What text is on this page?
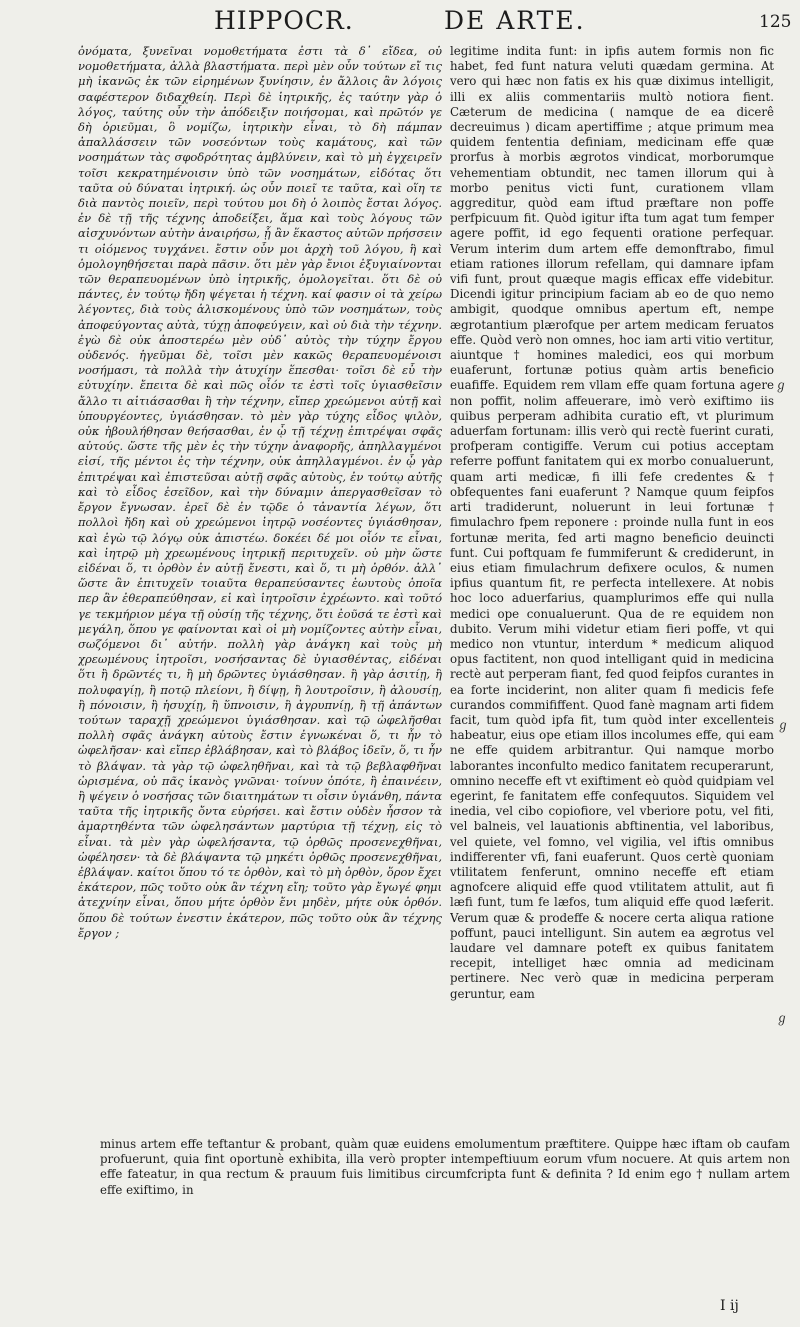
HIPPOCR.	DE ARTE.	125

ὀνόματα, ξυνεῖναι νομοθετήματα ἐστι τὰ δ᾽ εἴδεα, οὐ νομοθετήματα, ἀλλὰ βλαστήματα. περὶ μὲν οὖν τούτων εἴ τις μὴ ἱκανῶς ἐκ τῶν εἰρημένων ξυνίησιν, ἐν ἄλλοις ἂν λόγοις σαφέστερον διδαχθείη. Περὶ δὲ ἰητρικῆς, ἐς ταύτην γὰρ ὁ λόγος, ταύτης οὖν τὴν ἀπόδειξιν ποιήσομαι, καὶ πρῶτόν γε δὴ ὁριεῦμαι, ὃ νομίζω, ἰητρικὴν εἶναι, τὸ δὴ πάμπαν ἀπαλλάσσειν τῶν νοσεόντων τοὺς καμάτους, καὶ τῶν νοσημάτων τὰς σφοδρότητας ἀμβλύνειν, καὶ τὸ μὴ ἐγχειρεῖν τοῖσι κεκρατημένοισιν ὑπὸ τῶν νοσημάτων, εἰδότας ὅτι ταῦτα οὐ δύναται ἰητρική. ὡς οὖν ποιεῖ τε ταῦτα, καὶ οἵη τε διὰ παντὸς ποιεῖν, περὶ τούτου μοι δὴ ὁ λοιπὸς ἔσται λόγος. ἐν δὲ τῇ τῆς τέχνης ἀποδείξει, ἅμα καὶ τοὺς λόγους τῶν αἰσχυνόντων αὐτὴν ἀναιρήσω, ᾗ ἂν ἕκαστος αὐτῶν πρήσσειν τι οἰόμενος τυγχάνει. ἔστιν οὖν μοι ἀρχὴ τοῦ λόγου, ἣ καὶ ὁμολογηθήσεται παρὰ πᾶσιν. ὅτι μὲν γὰρ ἔνιοι ἐξυγιαίνονται τῶν θεραπευομένων ὑπὸ ἰητρικῆς, ὁμολογεῖται. ὅτι δὲ οὐ πάντες, ἐν τούτῳ ἤδη ψέγεται ἡ τέχνη. καί φασιν οἱ τὰ χείρω λέγοντες, διὰ τοὺς ἁλισκομένους ὑπὸ τῶν νοσημάτων, τοὺς ἀποφεύγοντας αὐτὰ, τύχῃ ἀποφεύγειν, καὶ οὐ διὰ τὴν τέχνην. ἐγὼ δὲ οὐκ ἀποστερέω μὲν οὐδ᾽ αὐτὸς τὴν τύχην ἔργου οὐδενός. ἡγεῦμαι δὲ, τοῖσι μὲν κακῶς θεραπευομένοισι νοσήμασι, τὰ πολλὰ τὴν ἀτυχίην ἕπεσθαι· τοῖσι δὲ εὖ τὴν εὐτυχίην. ἔπειτα δὲ καὶ πῶς οἷόν τε ἐστὶ τοῖς ὑγιασθεῖσιν ἄλλο τι αἰτιάσασθαι ἢ τὴν τέχνην, εἴπερ χρεώμενοι αὐτῇ καὶ ὑπουργέοντες, ὑγιάσθησαν. τὸ μὲν γὰρ τύχης εἶδος ψιλὸν, οὐκ ἠβουλήθησαν θεήσασθαι, ἐν ᾧ τῇ τέχνῃ ἐπιτρέψαι σφᾶς αὐτούς. ὥστε τῆς μὲν ἐς τὴν τύχην ἀναφορῆς, ἀπηλλαγμένοι εἰσί, τῆς μέντοι ἐς τὴν τέχνην, οὐκ ἀπηλλαγμένοι. ἐν ᾧ γὰρ ἐπιτρέψαι καὶ ἐπιστεῦσαι αὐτῇ σφᾶς αὐτοὺς, ἐν τούτῳ αὐτῆς καὶ τὸ εἶδος ἐσεῖδον, καὶ τὴν δύναμιν ἀπεργασθεῖσαν τὸ ἔργον ἔγνωσαν. ἐρεῖ δὲ ἐν τῷδε ὁ τἀναντία λέγων, ὅτι πολλοὶ ἤδη καὶ οὐ χρεώμενοι ἰητρῷ νοσέοντες ὑγιάσθησαν, καὶ ἐγὼ τῷ λόγῳ οὐκ ἀπιστέω. δοκέει δέ μοι οἷόν τε εἶναι, καὶ ἰητρῷ μὴ χρεωμένους ἰητρικῇ περιτυχεῖν. οὐ μὴν ὥστε εἰδέναι ὅ, τι ὀρθὸν ἐν αὐτῇ ἔνεστι, καὶ ὅ, τι μὴ ὀρθόν. ἀλλ᾽ ὥστε ἂν ἐπιτυχεῖν τοιαῦτα θεραπεύσαντες ἑωυτοὺς ὁποῖα περ ἂν ἐθεραπεύθησαν, εἰ καὶ ἰητροῖσιν ἐχρέωντο. καὶ τοῦτό γε τεκμήριον μέγα τῇ οὐσίῃ τῆς τέχνης, ὅτι ἐοῦσά τε ἐστὶ καὶ μεγάλη, ὅπου γε φαίνονται καὶ οἱ μὴ νομίζοντες αὐτὴν εἶναι, σωζόμενοι δι᾽ αὐτήν. πολλὴ γὰρ ἀνάγκη καὶ τοὺς μὴ χρεωμένους ἰητροῖσι, νοσήσαντας δὲ ὑγιασθέντας, εἰδέναι ὅτι ἢ δρῶντές τι, ἢ μὴ δρῶντες ὑγιάσθησαν. ἢ γὰρ ἀσιτίῃ, ἢ πολυφαγίῃ, ἢ ποτῷ πλείονι, ἢ δίψῃ, ἢ λουτροῖσιν, ἢ ἀλουσίῃ, ἢ πόνοισιν, ἢ ἡσυχίῃ, ἢ ὕπνοισιν, ἢ ἀγρυπνίῃ, ἢ τῇ ἁπάντων τούτων ταραχῇ χρεώμενοι ὑγιάσθησαν. καὶ τῷ ὠφελῆσθαι πολλὴ σφᾶς ἀνάγκη αὐτοὺς ἔστιν ἐγνωκέναι ὅ, τι ἦν τὸ ὠφελῆσαν· καὶ εἴπερ ἐβλάβησαν, καὶ τὸ βλάβος ἰδεῖν, ὅ, τι ἦν τὸ βλάψαν. τὰ γὰρ τῷ ὠφεληθῆναι, καὶ τὰ τῷ βεβλαφθῆναι ὡρισμένα, οὐ πᾶς ἱκανὸς γνῶναι· τοίνυν ὁπότε, ἢ ἐπαινέειν, ἢ ψέγειν ὁ νοσήσας τῶν διαιτημάτων τι οἷσιν ὑγιάνθη, πάντα ταῦτα τῆς ἰητρικῆς ὄντα εὑρήσει. καὶ ἔστιν οὐδὲν ἧσσον τὰ ἁμαρτηθέντα τῶν ὠφελησάντων μαρτύρια τῇ τέχνῃ, εἰς τὸ εἶναι. τὰ μὲν γὰρ ὠφελήσαντα, τῷ ὀρθῶς προσενεχθῆναι, ὠφέλησεν· τὰ δὲ βλάψαντα τῷ μηκέτι ὀρθῶς προσενεχθῆναι, ἐβλάψαν. καίτοι ὅπου τό τε ὀρθὸν, καὶ τὸ μὴ ὀρθὸν, ὅρον ἔχει ἑκάτερον, πῶς τοῦτο οὐκ ἂν τέχνη εἴη; τοῦτο γὰρ ἔγωγέ φημι ἀτεχνίην εἶναι, ὅπου μήτε ὀρθὸν ἔνι μηδὲν, μήτε οὐκ ὀρθόν. ὅπου δὲ τούτων ἐνεστιν ἑκάτερον, πῶς τοῦτο οὐκ ἂν τέχνης ἔργον ;

legitime indita funt: in ipfis autem formis non fic habet, fed funt natura veluti quædam germina. At vero qui hæc non fatis ex his quæ diximus intelligit, illi ex aliis commentariis multò notiora fient. Cæterum de medicina ( namque de ea dicerê decreuimus ) dicam apertiffime ; atque primum mea quidem fententia definiam, medicinam effe quæ prorfus à morbis ægrotos vindicat, morborumque vehementiam obtundit, nec tamen illorum qui à morbo penitus victi funt, curationem vllam aggreditur, quòd eam iftud præftare non poffe perfpicuum fit. Quòd igitur ifta tum agat tum femper agere poffit, id ego fequenti oratione perfequar. Verum interim dum artem effe demonftrabo, fimul etiam rationes illorum refellam, qui damnare ipfam vifi funt, prout quæque magis efficax effe videbitur. Dicendi igitur principium faciam ab eo de quo nemo ambigit, quodque omnibus apertum eft, nempe ægrotantium plærofque per artem medicam feruatos effe. Quòd verò non omnes, hoc iam arti vitio vertitur, aiuntque † homines maledici, eos qui morbum euaferunt, fortunæ potius quàm artis beneficio euafiffe. Equidem rem vllam effe quam fortuna agere non poffit, nolim affeuerare, imò verò exiftimo iis quibus perperam adhibita curatio eft, vt plurimum aduerfam fortunam: illis verò qui rectè fuerint curati, profperam contigiffe. Verum cui potius acceptam referre poffunt fanitatem qui ex morbo conualuerunt, quam arti medicæ, fi illi fefe credentes & † obfequentes fani euaferunt ? Namque quum feipfos arti tradiderunt, noluerunt in leui fortunæ † fimulachro fpem reponere : proinde nulla funt in eos fortunæ merita, fed arti magno beneficio deuincti funt. Cui poftquam fe fummiferunt & crediderunt, in eius etiam fimulachrum defixere oculos, & numen ipfius quantum fit, re perfecta intellexere. At nobis hoc loco aduerfarius, quamplurimos effe qui nulla medici ope conualuerunt. Qua de re equidem non dubito. Verum mihi videtur etiam fieri poffe, vt qui medico non vtuntur, interdum * medicum aliquod opus factitent, non quod intelligant quid in medicina rectè aut perperam fiant, fed quod feipfos curantes in ea forte inciderint, non aliter quam fi medicis fefe curandos commififfent. Quod fanè magnam arti fidem facit, tum quòd ipfa fit, tum quòd inter excellenteis habeatur, eius ope etiam illos incolumes effe, qui eam ne effe quidem arbitrantur. Qui namque morbo laborantes inconfulto medico fanitatem recuperarunt, omnino neceffe eft vt exiftiment eò quòd quidpiam vel egerint, fe fanitatem effe confequutos. Siquidem vel inedia, vel cibo copiofiore, vel vberiore potu, vel fiti, vel balneis, vel lauationis abftinentia, vel laboribus, vel quiete, vel fomno, vel vigilia, vel iftis omnibus indifferenter vfi, fani euaferunt. Quos certè quoniam vtilitatem fenferunt, omnino neceffe eft etiam agnofcere aliquid effe quod vtilitatem attulit, aut fi læfi funt, tum fe læfos, tum aliquid effe quod læferit. Verum quæ & prodeffe & nocere certa aliqua ratione poffunt, pauci intelligunt. Sin autem ea ægrotus vel laudare vel damnare poteft ex quibus fanitatem recepit, intelliget hæc omnia ad medicinam pertinere. Nec verò quæ in medicina perperam geruntur, eam

ℊ
ℊ
ℊ

minus artem effe teftantur & probant, quàm quæ euidens emolumentum præftitere. Quippe hæc iftam ob caufam profuerunt, quia fint oportunè exhibita, illa verò propter intempeftiuum eorum vfum nocuere. At quis artem non effe fateatur, in qua rectum & prauum fuis limitibus circumfcripta funt & definita ? Id enim ego † nullam artem effe exiftimo, in

I ij
